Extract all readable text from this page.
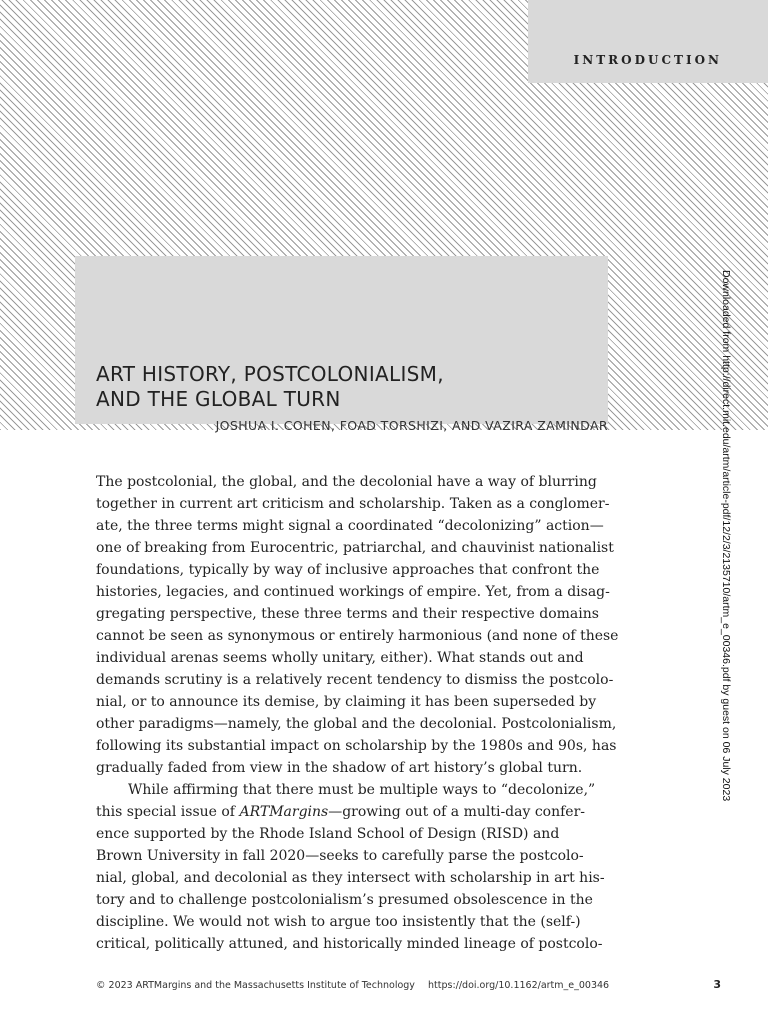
INTRODUCTION
ART HISTORY, POSTCOLONIALISM,
AND THE GLOBAL TURN
JOSHUA I. COHEN, FOAD TORSHIZI, AND VAZIRA ZAMINDAR	Downloaded from http://direct.mit.edu/artm/article-pdf/12/2/3/2135710/artm_e_00346.pdf by guest on 06 July 2023
The postcolonial, the global, and the decolonial have a way of blurring
together in current art criticism and scholarship. Taken as a conglomer-
ate, the three terms might signal a coordinated “decolonizing” action—
one of breaking from Eurocentric, patriarchal, and chauvinist nationalist
foundations, typically by way of inclusive approaches that confront the
histories, legacies, and continued workings of empire. Yet, from a disag-
gregating perspective, these three terms and their respective domains
cannot be seen as synonymous or entirely harmonious (and none of these
individual arenas seems wholly unitary, either). What stands out and
demands scrutiny is a relatively recent tendency to dismiss the postcolo-
nial, or to announce its demise, by claiming it has been superseded by
other paradigms—namely, the global and the decolonial. Postcolonialism,
following its substantial impact on scholarship by the 1980s and 90s, has
gradually faded from view in the shadow of art history’s global turn.
While affirming that there must be multiple ways to “decolonize,”
this special issue of ARTMargins—growing out of a multi-day confer-
ence supported by the Rhode Island School of Design (RISD) and
Brown University in fall 2020—seeks to carefully parse the postcolo-
nial, global, and decolonial as they intersect with scholarship in art his-
tory and to challenge postcolonialism’s presumed obsolescence in the
discipline. We would not wish to argue too insistently that the (self-)
critical, politically attuned, and historically minded lineage of postcolo-
© 2023 ARTMargins and the Massachusetts Institute of Technology https://doi.org/10.1162/artm_e_00346	3
